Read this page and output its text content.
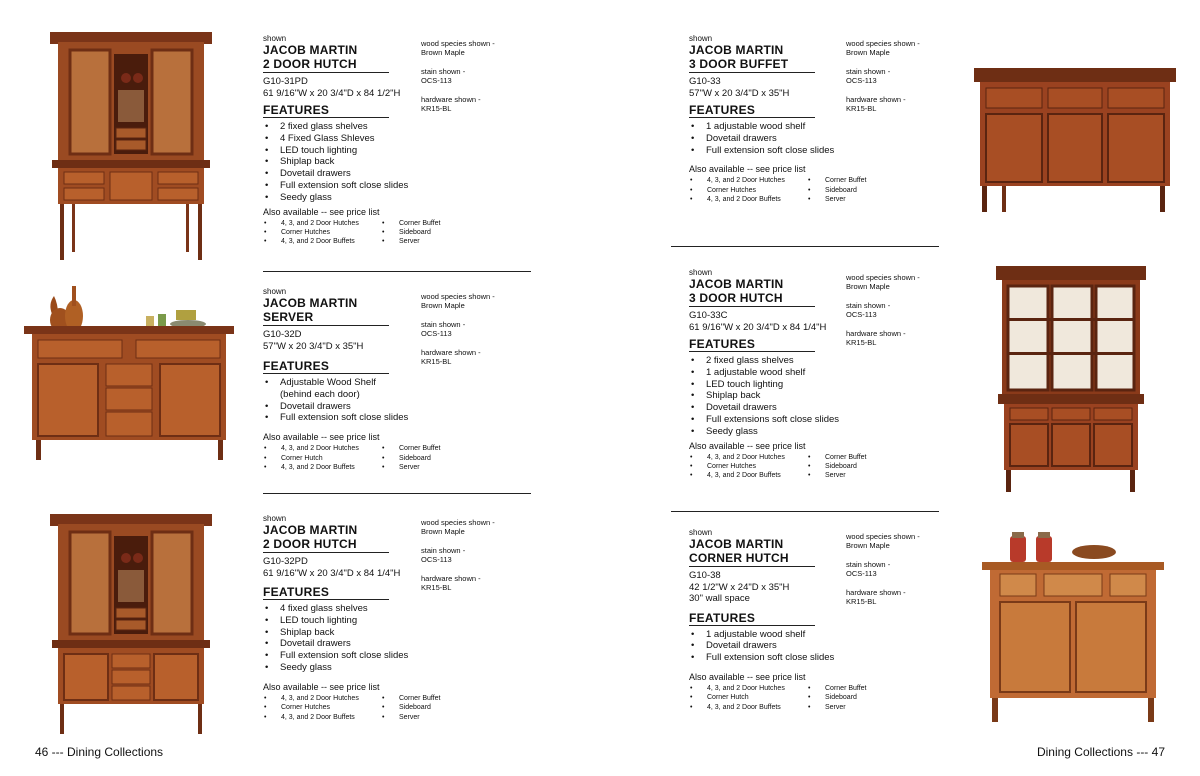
shown
JACOB MARTIN
2 DOOR HUTCH
G10-31PD
61 9/16"W x 20 3/4"D x 84 1/2"H
FEATURES
• 2 fixed glass shelves
• 4 Fixed Glass Shleves
• LED touch lighting
• Shiplap back
• Dovetail drawers
• Full extension soft close slides
• Seedy glass
Also available -- see price list
• 4, 3, and 2 Door Hutches	• Corner Buffet
• Corner Hutches	• Sideboard
• 4, 3, and 2 Door Buffets	• Server
wood species shown -
Brown Maple
stain shown -
OCS-113
hardware shown -
KR15-BL
shown
JACOB MARTIN
SERVER
G10-32D
57"W x 20 3/4"D x 35"H
FEATURES
• Adjustable Wood Shelf
(behind each door)
• Dovetail drawers
• Full extension soft close slides
Also available -- see price list
• 4, 3, and 2 Door Hutches	• Corner Buffet
• Corner Hutch	• Sideboard
• 4, 3, and 2 Door Buffets	• Server
wood species shown -
Brown Maple
stain shown -
OCS-113
hardware shown -
KR15-BL
shown
JACOB MARTIN
2 DOOR HUTCH
G10-32PD
61 9/16"W x 20 3/4"D x 84 1/4"H
FEATURES
• 4 fixed glass shelves
• LED touch lighting
• Shiplap back
• Dovetail drawers
• Full extension soft close slides
• Seedy glass
Also available -- see price list
• 4, 3, and 2 Door Hutches	• Corner Buffet
• Corner Hutches	• Sideboard
• 4, 3, and 2 Door Buffets	• Server
wood species shown -
Brown Maple
stain shown -
OCS-113
hardware shown -
KR15-BL
46 --- Dining Collections
shown
JACOB MARTIN
3 DOOR BUFFET
G10-33
57"W x 20 3/4"D x 35"H
FEATURES
• 1 adjustable wood shelf
• Dovetail drawers
• Full extension soft close slides
Also available -- see price list
• 4, 3, and 2 Door Hutches	• Corner Buffet
• Corner Hutches	• Sideboard
• 4, 3, and 2 Door Buffets	• Server
wood species shown -
Brown Maple
stain shown -
OCS-113
hardware shown -
KR15-BL
shown
JACOB MARTIN
3 DOOR HUTCH
G10-33C
61 9/16"W x 20 3/4"D x 84 1/4"H
FEATURES
• 2 fixed glass shelves
• 1 adjustable wood shelf
• LED touch lighting
• Shiplap back
• Dovetail drawers
• Full extensions soft close slides
• Seedy glass
Also available -- see price list
• 4, 3, and 2 Door Hutches	• Corner Buffet
• Corner Hutches	• Sideboard
• 4, 3, and 2 Door Buffets	• Server
wood species shown -
Brown Maple
stain shown -
OCS-113
hardware shown -
KR15-BL
shown
JACOB MARTIN
CORNER HUTCH
G10-38
42 1/2"W x 24"D x 35"H
30" wall space
FEATURES
• 1 adjustable wood shelf
• Dovetail drawers
• Full extension soft close slides
Also available -- see price list
• 4, 3, and 2 Door Hutches	• Corner Buffet
• Corner Hutch	• Sideboard
• 4, 3, and 2 Door Buffets	• Server
wood species shown -
Brown Maple
stain shown -
OCS-113
hardware shown -
KR15-BL
Dining Collections --- 47
